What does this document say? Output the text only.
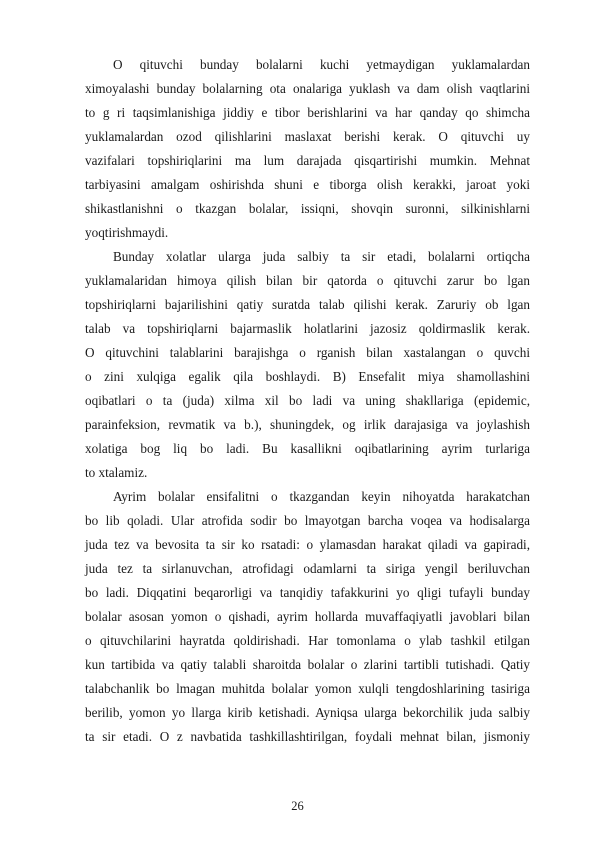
O qituvchi bunday bolalarni kuchi yetmaydigan yuklamalardan
ximoyalashi bunday bolalarning ota onalariga yuklash va dam olish vaqtlarini
to g ri taqsimlanishiga jiddiy e tibor berishlarini va har qanday qo shimcha
yuklamalardan ozod qilishlarini maslaxat berishi kerak. O qituvchi uy
vazifalari topshiriqlarini ma lum darajada qisqartirishi mumkin. Mehnat
tarbiyasini amalgam oshirishda shuni e tiborga olish kerakki, jaroat yoki
shikastlanishni o tkazgan bolalar, issiqni, shovqin suronni, silkinishlarni
yoqtirishmaydi.
Bunday xolatlar ularga juda salbiy ta sir etadi, bolalarni ortiqcha
yuklamalaridan himoya qilish bilan bir qatorda o qituvchi zarur bo lgan
topshiriqlarni bajarilishini qatiy suratda talab qilishi kerak. Zaruriy ob lgan
talab va topshiriqlarni bajarmaslik holatlarini jazosiz qoldirmaslik kerak.
O qituvchini talablarini barajishga o rganish bilan xastalangan o quvchi
o zini xulqiga egalik qila boshlaydi. B) Ensefalit miya shamollashini
oqibatlari o ta (juda) xilma xil bo ladi va uning shakllariga (epidemic,
parainfeksion, revmatik va b.), shuningdek, og irlik darajasiga va joylashish
xolatiga bog liq bo ladi. Bu kasallikni oqibatlarining ayrim turlariga
to xtalamiz.
Ayrim bolalar ensifalitni o tkazgandan keyin nihoyatda harakatchan
bo lib qoladi. Ular atrofida sodir bo lmayotgan barcha voqea va hodisalarga
juda tez va bevosita ta sir ko rsatadi: o ylamasdan harakat qiladi va gapiradi,
juda tez ta sirlanuvchan, atrofidagi odamlarni ta siriga yengil beriluvchan
bo ladi. Diqqatini beqarorligi va tanqidiy tafakkurini yo qligi tufayli bunday
bolalar asosan yomon o qishadi, ayrim hollarda muvaffaqiyatli javoblari bilan
o qituvchilarini hayratda qoldirishadi. Har tomonlama o ylab tashkil etilgan
kun tartibida va qatiy talabli sharoitda bolalar o zlarini tartibli tutishadi. Qatiy
talabchanlik bo lmagan muhitda bolalar yomon xulqli tengdoshlarining tasiriga
berilib, yomon yo llarga kirib ketishadi. Ayniqsa ularga bekorchilik juda salbiy
ta sir etadi. O z navbatida tashkillashtirilgan, foydali mehnat bilan, jismoniy
26
